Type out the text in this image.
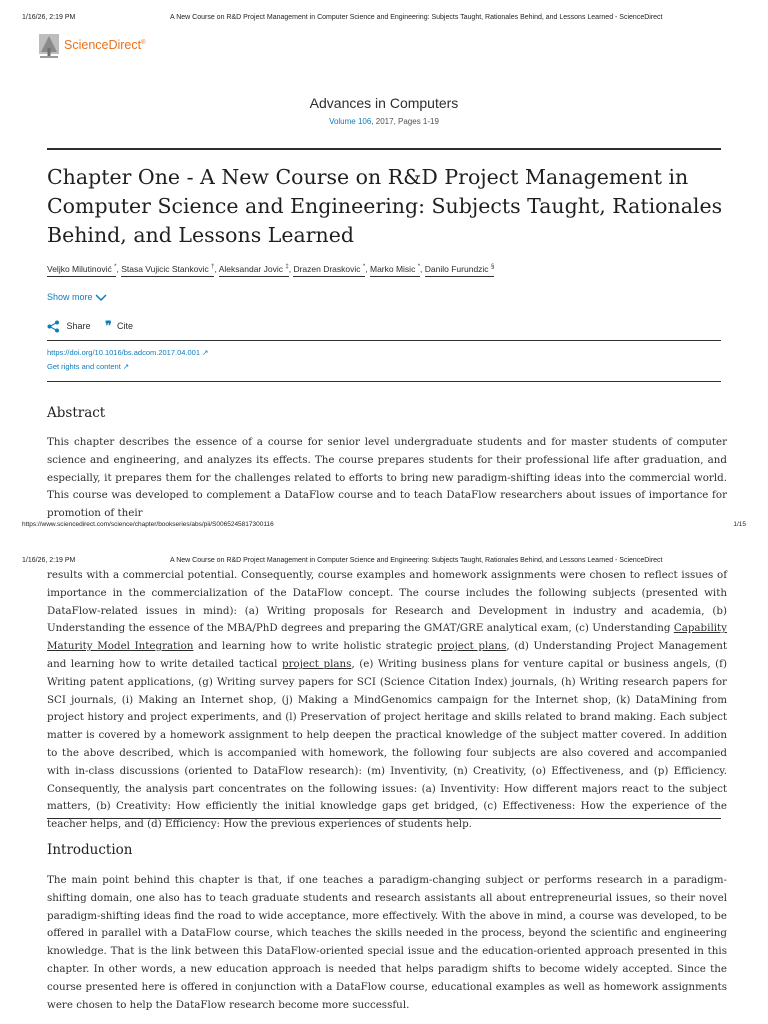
1/16/26, 2:19 PM	A New Course on R&D Project Management in Computer Science and Engineering: Subjects Taught, Rationales Behind, and Lessons Learned - ScienceDirect
ScienceDirect®
Advances in Computers
Volume 106, 2017, Pages 1-19
Chapter One - A New Course on R&D Project Management in Computer Science and Engineering: Subjects Taught, Rationales Behind, and Lessons Learned
Veljko Milutinović *, Stasa Vujicic Stankovic †, Aleksandar Jovic ‡, Drazen Draskovic *, Marko Misic *, Danilo Furundzic §
Show more
Share ❞ Cite
https://doi.org/10.1016/bs.adcom.2017.04.001 ↗
Get rights and content ↗
Abstract
This chapter describes the essence of a course for senior level undergraduate students and for master students of computer science and engineering, and analyzes its effects. The course prepares students for their professional life after graduation, and especially, it prepares them for the challenges related to efforts to bring new paradigm-shifting ideas into the commercial world. This course was developed to complement a DataFlow course and to teach DataFlow researchers about issues of importance for promotion of their
https://www.sciencedirect.com/science/chapter/bookseries/abs/pii/S0065245817300116	1/15
1/16/26, 2:19 PM	A New Course on R&D Project Management in Computer Science and Engineering: Subjects Taught, Rationales Behind, and Lessons Learned - ScienceDirect
results with a commercial potential. Consequently, course examples and homework assignments were chosen to reflect issues of importance in the commercialization of the DataFlow concept. The course includes the following subjects (presented with DataFlow-related issues in mind): (a) Writing proposals for Research and Development in industry and academia, (b) Understanding the essence of the MBA/PhD degrees and preparing the GMAT/GRE analytical exam, (c) Understanding Capability Maturity Model Integration and learning how to write holistic strategic project plans, (d) Understanding Project Management and learning how to write detailed tactical project plans, (e) Writing business plans for venture capital or business angels, (f) Writing patent applications, (g) Writing survey papers for SCI (Science Citation Index) journals, (h) Writing research papers for SCI journals, (i) Making an Internet shop, (j) Making a MindGenomics campaign for the Internet shop, (k) DataMining from project history and project experiments, and (l) Preservation of project heritage and skills related to brand making. Each subject matter is covered by a homework assignment to help deepen the practical knowledge of the subject matter covered. In addition to the above described, which is accompanied with homework, the following four subjects are also covered and accompanied with in-class discussions (oriented to DataFlow research): (m) Inventivity, (n) Creativity, (o) Effectiveness, and (p) Efficiency. Consequently, the analysis part concentrates on the following issues: (a) Inventivity: How different majors react to the subject matters, (b) Creativity: How efficiently the initial knowledge gaps get bridged, (c) Effectiveness: How the experience of the teacher helps, and (d) Efficiency: How the previous experiences of students help.
Introduction
The main point behind this chapter is that, if one teaches a paradigm-changing subject or performs research in a paradigm-shifting domain, one also has to teach graduate students and research assistants all about entrepreneurial issues, so their novel paradigm-shifting ideas find the road to wide acceptance, more effectively. With the above in mind, a course was developed, to be offered in parallel with a DataFlow course, which teaches the skills needed in the process, beyond the scientific and engineering knowledge. That is the link between this DataFlow-oriented special issue and the education-oriented approach presented in this chapter. In other words, a new education approach is needed that helps paradigm shifts to become widely accepted. Since the course presented here is offered in conjunction with a DataFlow course, educational examples as well as homework assignments were chosen to help the DataFlow research become more successful.
